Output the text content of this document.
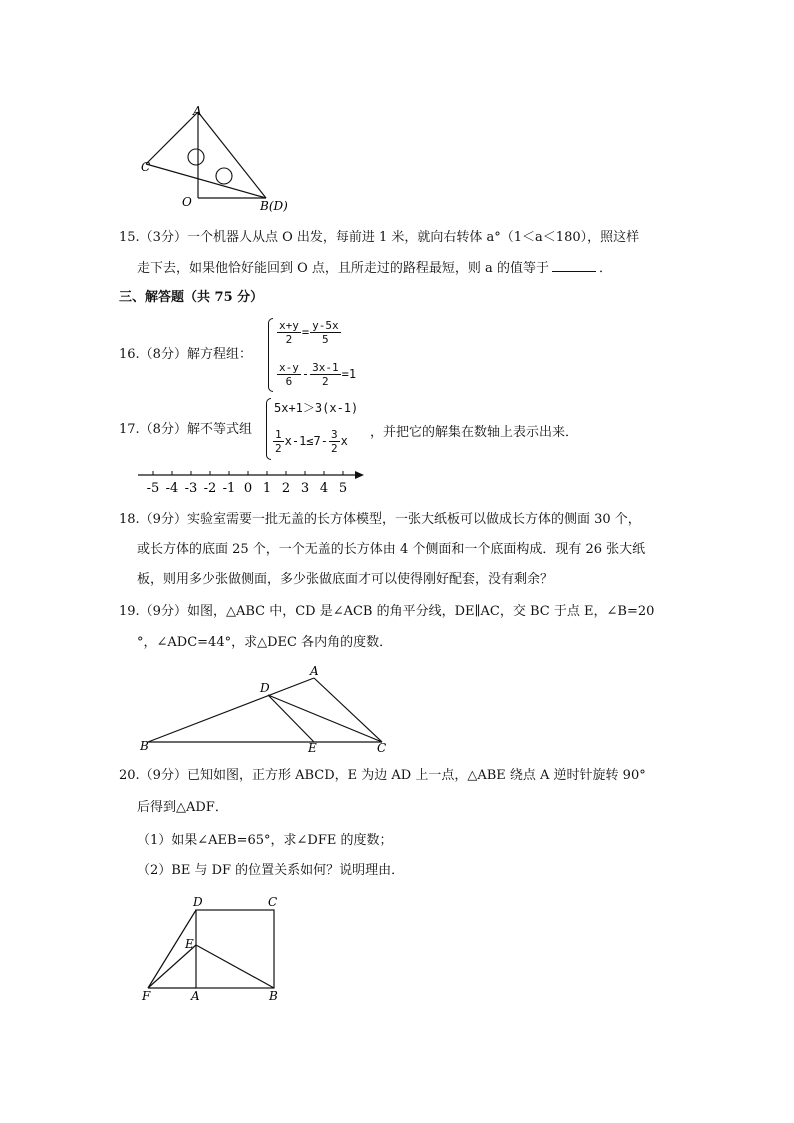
A
C
O	B(D)
15.（3分）一个机器人从点 O 出发，每前进 1 米，就向右转体 a°（1＜a＜180），照这样
走下去，如果他恰好能回到 O 点，且所走过的路程最短，则 a 的值等于	．
三、解答题（共 75 分）
16.（8分）解方程组：
$\frac{x+y}{2} = \frac{y-5x}{5}$
$\frac{x-y}{6} - \frac{3x-1}{2} =1$
17.（8分）解不等式组
5x+1＞3(x-1)
$\frac{1}{2} x-1\le 7- \frac{3}{2}$ x
，并把它的解集在数轴上表示出来．
-5 -4 -3 -2 -1 0 1 2 3 4 5
18.（9分）实验室需要一批无盖的长方体模型，一张大纸板可以做成长方体的侧面 30 个，
或长方体的底面 25 个，一个无盖的长方体由 4 个侧面和一个底面构成．现有 26 张大纸
板，则用多少张做侧面，多少张做底面才可以使得刚好配套，没有剩余？
19.（9分）如图，△ABC 中，CD 是∠ACB 的角平分线，DE∥AC，交 BC 于点 E，∠B=20
°，∠ADC=44°，求△DEC 各内角的度数．
A
D
B	E	C
20.（9分）已知如图，正方形 ABCD，E 为边 AD 上一点，△ABE 绕点 A 逆时针旋转 90°
后得到△ADF．
（1）如果∠AEB=65°，求∠DFE 的度数；
（2）BE 与 DF 的位置关系如何？说明理由．
D	C
E
F	A	B
